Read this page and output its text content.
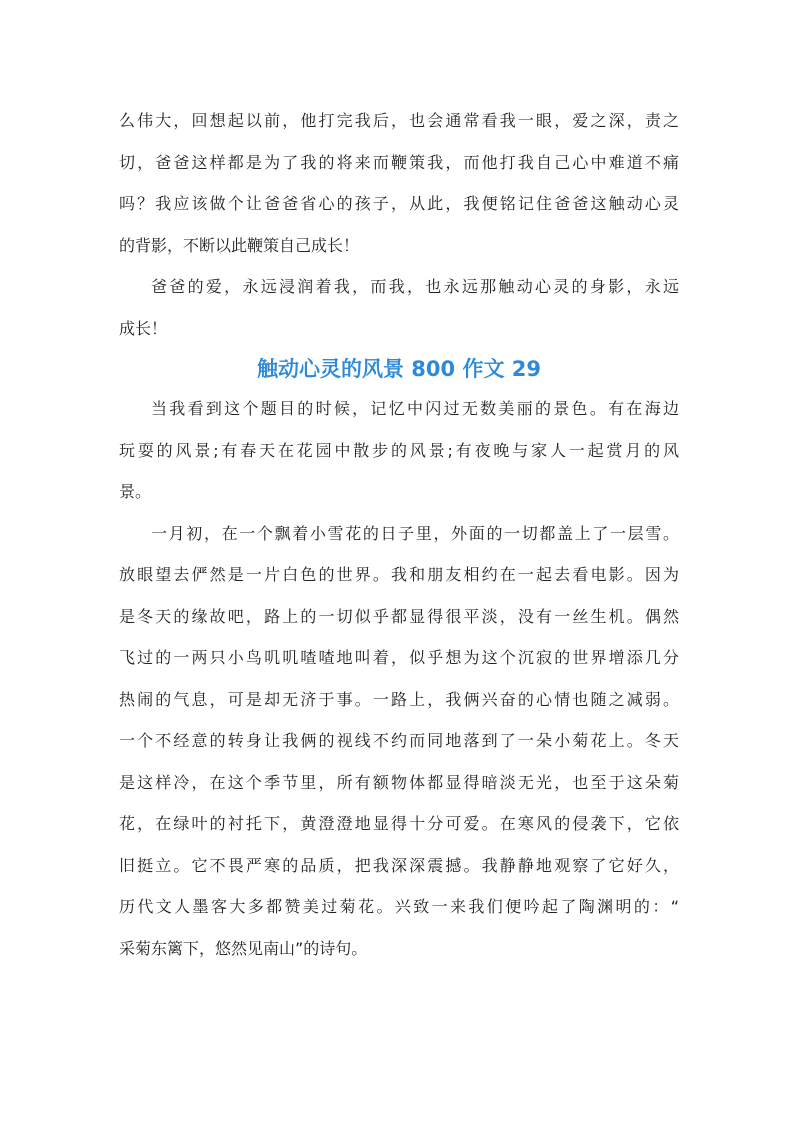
么伟大，回想起以前，他打完我后，也会通常看我一眼，爱之深，责之
切，爸爸这样都是为了我的将来而鞭策我，而他打我自己心中难道不痛
吗？我应该做个让爸爸省心的孩子，从此，我便铭记住爸爸这触动心灵
的背影，不断以此鞭策自己成长！
爸爸的爱，永远浸润着我，而我，也永远那触动心灵的身影，永远
成长！
触动心灵的风景 800 作文 29
当我看到这个题目的时候，记忆中闪过无数美丽的景色。有在海边
玩耍的风景;有春天在花园中散步的风景;有夜晚与家人一起赏月的风
景。
一月初，在一个飘着小雪花的日子里，外面的一切都盖上了一层雪。
放眼望去俨然是一片白色的世界。我和朋友相约在一起去看电影。因为
是冬天的缘故吧，路上的一切似乎都显得很平淡，没有一丝生机。偶然
飞过的一两只小鸟叽叽喳喳地叫着，似乎想为这个沉寂的世界增添几分
热闹的气息，可是却无济于事。一路上，我俩兴奋的心情也随之减弱。
一个不经意的转身让我俩的视线不约而同地落到了一朵小菊花上。冬天
是这样冷，在这个季节里，所有额物体都显得暗淡无光，也至于这朵菊
花，在绿叶的衬托下，黄澄澄地显得十分可爱。在寒风的侵袭下，它依
旧挺立。它不畏严寒的品质，把我深深震撼。我静静地观察了它好久，
历代文人墨客大多都赞美过菊花。兴致一来我们便吟起了陶渊明的：“
采菊东篱下，悠然见南山”的诗句。
